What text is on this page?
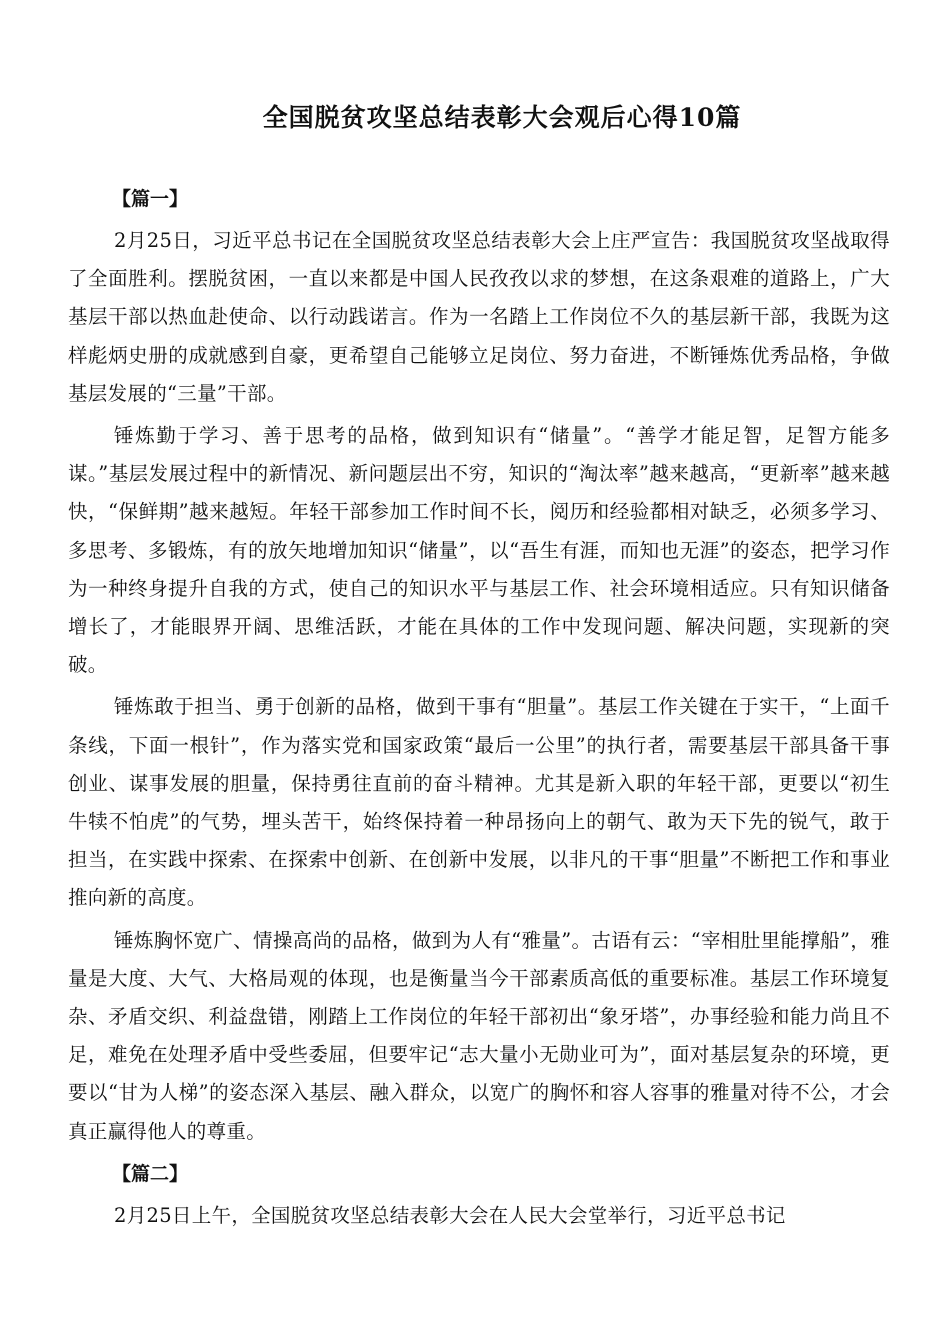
全国脱贫攻坚总结表彰大会观后心得10篇
【篇一】

2月25日，习近平总书记在全国脱贫攻坚总结表彰大会上庄严宣告：我国脱贫攻坚战取得了全面胜利。摆脱贫困，一直以来都是中国人民孜孜以求的梦想，在这条艰难的道路上，广大基层干部以热血赴使命、以行动践诺言。作为一名踏上工作岗位不久的基层新干部，我既为这样彪炳史册的成就感到自豪，更希望自己能够立足岗位、努力奋进，不断锤炼优秀品格，争做基层发展的“三量”干部。

锤炼勤于学习、善于思考的品格，做到知识有“储量”。“善学才能足智，足智方能多谋。”基层发展过程中的新情况、新问题层出不穷，知识的“淘汰率”越来越高，“更新率”越来越快，“保鲜期”越来越短。年轻干部参加工作时间不长，阅历和经验都相对缺乏，必须多学习、多思考、多锻炼，有的放矢地增加知识“储量”，以“吾生有涯，而知也无涯”的姿态，把学习作为一种终身提升自我的方式，使自己的知识水平与基层工作、社会环境相适应。只有知识储备增长了，才能眼界开阔、思维活跃，才能在具体的工作中发现问题、解决问题，实现新的突破。

锤炼敢于担当、勇于创新的品格，做到干事有“胆量”。基层工作关键在于实干，“上面千条线，下面一根针”，作为落实党和国家政策“最后一公里”的执行者，需要基层干部具备干事创业、谋事发展的胆量，保持勇往直前的奋斗精神。尤其是新入职的年轻干部，更要以“初生牛犊不怕虎”的气势，埋头苦干，始终保持着一种昂扬向上的朝气、敢为天下先的锐气，敢于担当，在实践中探索、在探索中创新、在创新中发展，以非凡的干事“胆量”不断把工作和事业推向新的高度。

锤炼胸怀宽广、情操高尚的品格，做到为人有“雅量”。古语有云：“宰相肚里能撑船”，雅量是大度、大气、大格局观的体现，也是衡量当今干部素质高低的重要标准。基层工作环境复杂、矛盾交织、利益盘错，刚踏上工作岗位的年轻干部初出“象牙塔”，办事经验和能力尚且不足，难免在处理矛盾中受些委屈，但要牢记“志大量小无勋业可为”，面对基层复杂的环境，更要以“甘为人梯”的姿态深入基层、融入群众，以宽广的胸怀和容人容事的雅量对待不公，才会真正赢得他人的尊重。

【篇二】

2月25日上午，全国脱贫攻坚总结表彰大会在人民大会堂举行，习近平总书记
